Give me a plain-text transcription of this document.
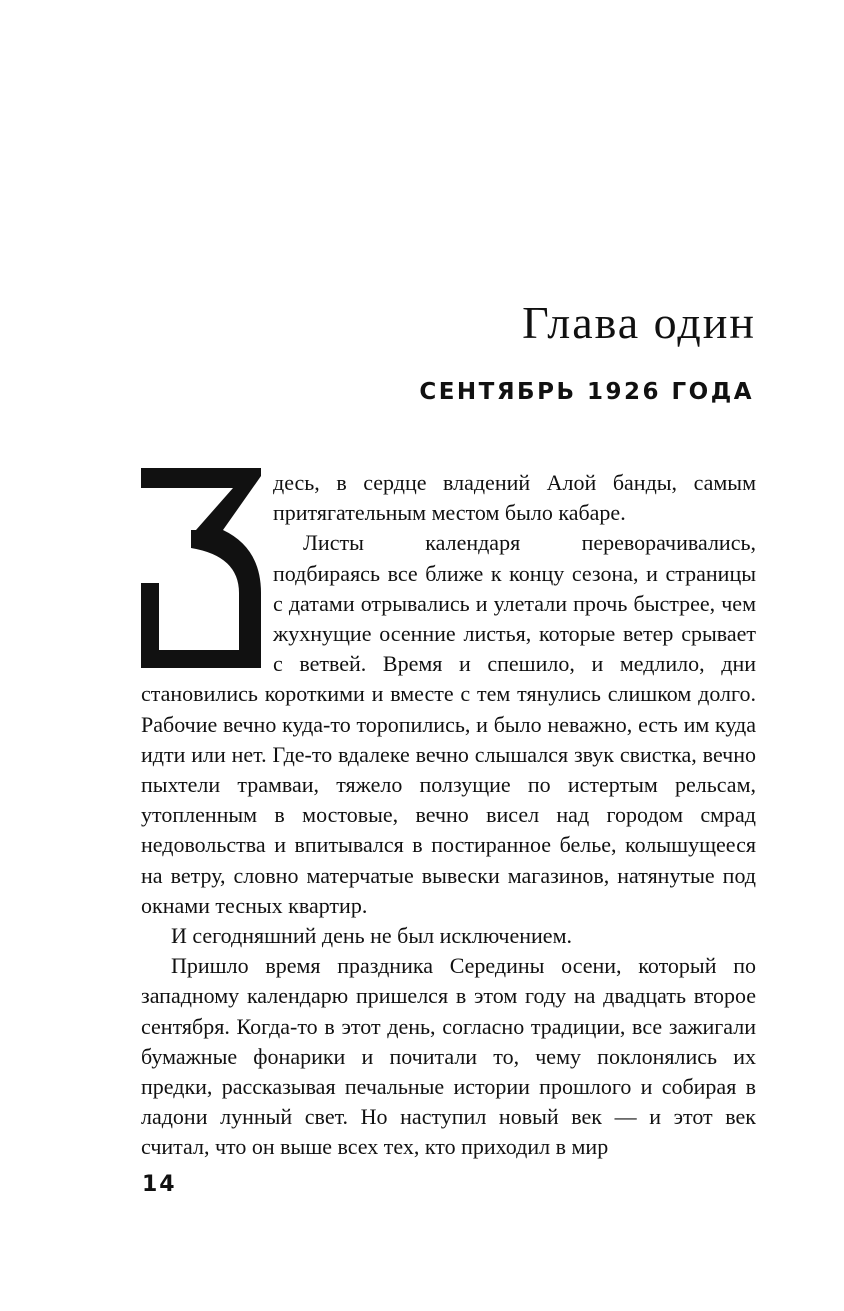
Глава один
СЕНТЯБРЬ 1926 ГОДА

десь, в сердце владений Алой банды, самым притягательным местом было кабаре.

Листы календаря переворачивались, подбираясь все ближе к концу сезона, и страницы с датами отрывались и улетали прочь быстрее, чем жухнущие осенние листья, которые ветер срывает с ветвей. Время и спешило, и медлило, дни становились короткими и вместе с тем тянулись слишком долго. Рабочие вечно куда-то торопились, и было неважно, есть им куда идти или нет. Где-то вдалеке вечно слышался звук свистка, вечно пыхтели трамваи, тяжело ползущие по истертым рельсам, утопленным в мостовые, вечно висел над городом смрад недовольства и впитывался в постиранное белье, колышущееся на ветру, словно матерчатые вывески магазинов, натянутые под окнами тесных квартир.

И сегодняшний день не был исключением.

Пришло время праздника Середины осени, который по западному календарю пришелся в этом году на двадцать второе сентября. Когда-то в этот день, согласно традиции, все зажигали бумажные фонарики и почитали то, чему поклонялись их предки, рассказывая печальные истории прошлого и собирая в ладони лунный свет. Но наступил новый век — и этот век считал, что он выше всех тех, кто приходил в мир

14
